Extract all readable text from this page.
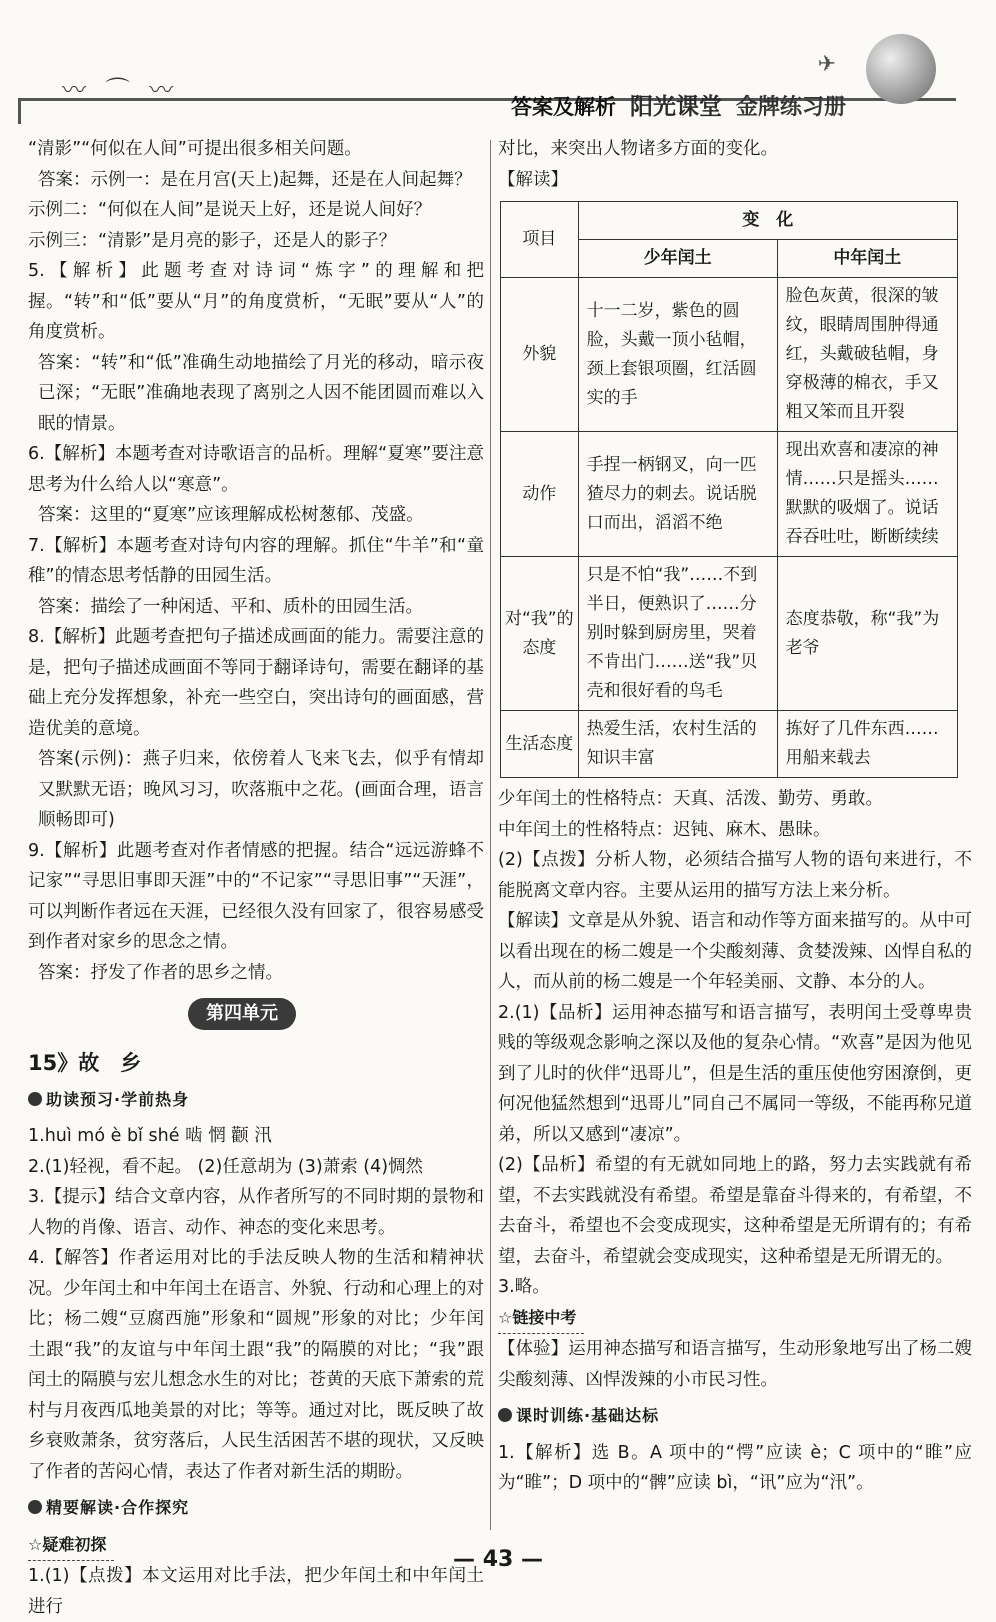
〰 ⌒ 〰
✈
答案及解析 阳光课堂 金牌练习册

“清影”“何似在人间”可提出很多相关问题。

答案：示例一：是在月宫(天上)起舞，还是在人间起舞？

示例二：“何似在人间”是说天上好，还是说人间好？

示例三：“清影”是月亮的影子，还是人的影子？

5.【解析】此题考查对诗词“炼字”的理解和把握。“转”和“低”要从“月”的角度赏析，“无眠”要从“人”的角度赏析。

答案：“转”和“低”准确生动地描绘了月光的移动，暗示夜已深；“无眠”准确地表现了离别之人因不能团圆而难以入眠的情景。

6.【解析】本题考查对诗歌语言的品析。理解“夏寒”要注意思考为什么给人以“寒意”。

答案：这里的“夏寒”应该理解成松树葱郁、茂盛。

7.【解析】本题考查对诗句内容的理解。抓住“牛羊”和“童稚”的情态思考恬静的田园生活。

答案：描绘了一种闲适、平和、质朴的田园生活。

8.【解析】此题考查把句子描述成画面的能力。需要注意的是，把句子描述成画面不等同于翻译诗句，需要在翻译的基础上充分发挥想象，补充一些空白，突出诗句的画面感，营造优美的意境。

答案(示例)：燕子归来，依傍着人飞来飞去，似乎有情却又默默无语；晚风习习，吹落瓶中之花。(画面合理，语言顺畅即可)

9.【解析】此题考查对作者情感的把握。结合“远远游蜂不记家”“寻思旧事即天涯”中的“不记家”“寻思旧事”“天涯”，可以判断作者远在天涯，已经很久没有回家了，很容易感受到作者对家乡的思念之情。

答案：抒发了作者的思乡之情。

第四单元
15》故　乡
助读预习·学前热身

1.huì mó è bǐ shé 啮 惘 颧 汛

2.(1)轻视，看不起。 (2)任意胡为 (3)萧索 (4)惆然

3.【提示】结合文章内容，从作者所写的不同时期的景物和人物的肖像、语言、动作、神态的变化来思考。

4.【解答】作者运用对比的手法反映人物的生活和精神状况。少年闰土和中年闰土在语言、外貌、行动和心理上的对比；杨二嫂“豆腐西施”形象和“圆规”形象的对比；少年闰土跟“我”的友谊与中年闰土跟“我”的隔膜的对比；“我”跟闰土的隔膜与宏儿想念水生的对比；苍黄的天底下萧索的荒村与月夜西瓜地美景的对比；等等。通过对比，既反映了故乡衰败萧条，贫穷落后，人民生活困苦不堪的现状，又反映了作者的苦闷心情，表达了作者对新生活的期盼。

精要解读·合作探究
☆疑难初探

1.(1)【点拨】本文运用对比手法，把少年闰土和中年闰土进行

对比，来突出人物诸多方面的变化。

【解读】

项目	变　化	
	少年闰土	中年闰土
外貌	十一二岁，紫色的圆脸，头戴一顶小毡帽，颈上套银项圈，红活圆实的手	脸色灰黄，很深的皱纹，眼睛周围肿得通红，头戴破毡帽，身穿极薄的棉衣，手又粗又笨而且开裂
动作	手捏一柄钢叉，向一匹猹尽力的刺去。说话脱口而出，滔滔不绝	现出欢喜和凄凉的神情……只是摇头……默默的吸烟了。说话吞吞吐吐，断断续续
对“我”的态度	只是不怕“我”……不到半日，便熟识了……分别时躲到厨房里，哭着不肯出门……送“我”贝壳和很好看的鸟毛	态度恭敬，称“我”为老爷
生活态度	热爱生活，农村生活的知识丰富	拣好了几件东西……用船来载去

少年闰土的性格特点：天真、活泼、勤劳、勇敢。

中年闰土的性格特点：迟钝、麻木、愚昧。

(2)【点拨】分析人物，必须结合描写人物的语句来进行，不能脱离文章内容。主要从运用的描写方法上来分析。

【解读】文章是从外貌、语言和动作等方面来描写的。从中可以看出现在的杨二嫂是一个尖酸刻薄、贪婪泼辣、凶悍自私的人，而从前的杨二嫂是一个年轻美丽、文静、本分的人。

2.(1)【品析】运用神态描写和语言描写，表明闰土受尊卑贵贱的等级观念影响之深以及他的复杂心情。“欢喜”是因为他见到了儿时的伙伴“迅哥儿”，但是生活的重压使他穷困潦倒，更何况他猛然想到“迅哥儿”同自己不属同一等级，不能再称兄道弟，所以又感到“凄凉”。

(2)【品析】希望的有无就如同地上的路，努力去实践就有希望，不去实践就没有希望。希望是靠奋斗得来的，有希望，不去奋斗，希望也不会变成现实，这种希望是无所谓有的；有希望，去奋斗，希望就会变成现实，这种希望是无所谓无的。

3.略。

☆链接中考

【体验】运用神态描写和语言描写，生动形象地写出了杨二嫂尖酸刻薄、凶悍泼辣的小市民习性。

课时训练·基础达标

1.【解析】选 B。A 项中的“愕”应读 è；C 项中的“睢”应为“睢”；D 项中的“髀”应读 bì，“讯”应为“汛”。

— 43 —
